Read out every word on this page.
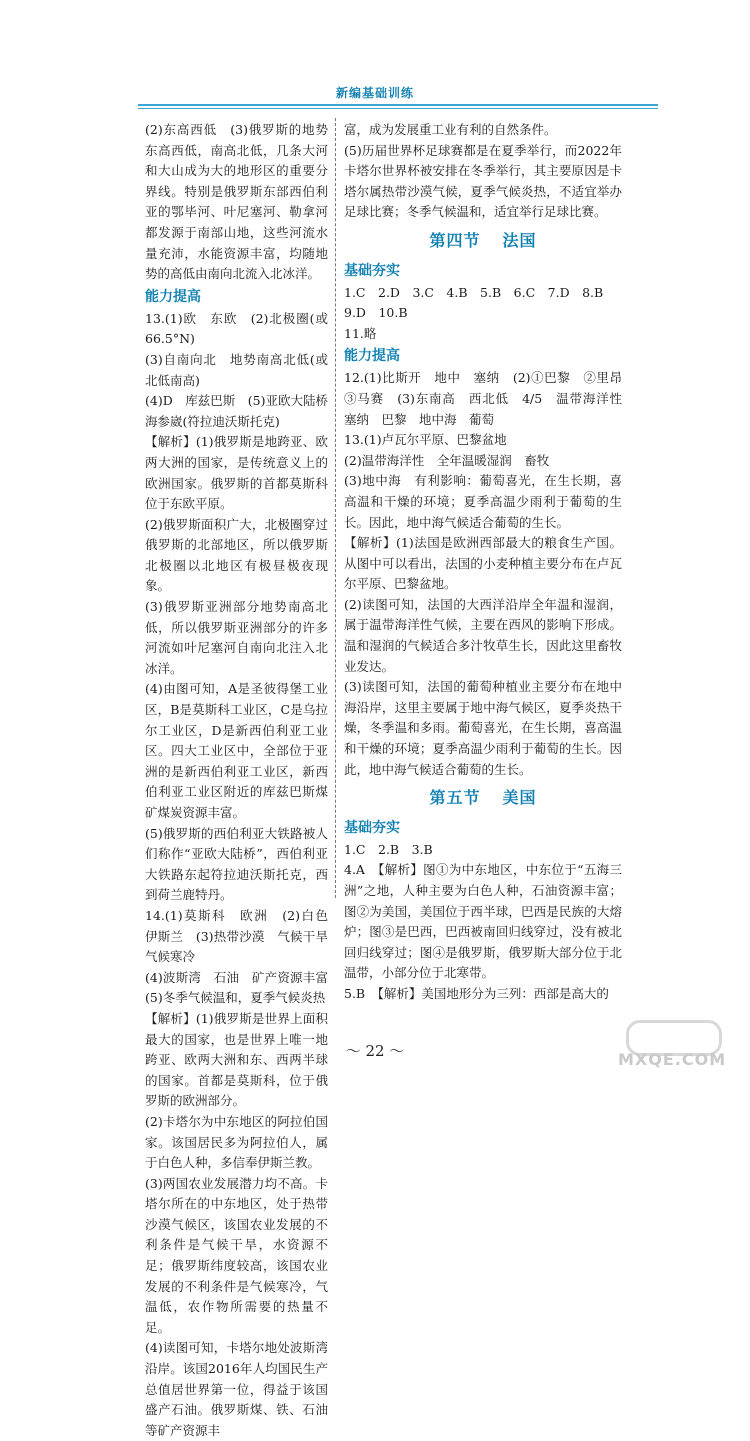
新编基础训练
(2)东高西低　(3)俄罗斯的地势东高西低，南高北低，几条大河和大山成为大的地形区的重要分界线。特别是俄罗斯东部西伯利亚的鄂毕河、叶尼塞河、勒拿河都发源于南部山地，这些河流水量充沛，水能资源丰富，均随地势的高低由南向北流入北冰洋。
能力提高
13.(1)欧　东欧　(2)北极圈(或66.5°N)
(3)自南向北　地势南高北低(或北低南高)
(4)D　库兹巴斯　(5)亚欧大陆桥　海参崴(符拉迪沃斯托克)
【解析】(1)俄罗斯是地跨亚、欧两大洲的国家，是传统意义上的欧洲国家。俄罗斯的首都莫斯科位于东欧平原。
(2)俄罗斯面积广大，北极圈穿过俄罗斯的北部地区，所以俄罗斯北极圈以北地区有极昼极夜现象。
(3)俄罗斯亚洲部分地势南高北低，所以俄罗斯亚洲部分的许多河流如叶尼塞河自南向北注入北冰洋。
(4)由图可知，A是圣彼得堡工业区，B是莫斯科工业区，C是乌拉尔工业区，D是新西伯利亚工业区。四大工业区中，全部位于亚洲的是新西伯利亚工业区，新西伯利亚工业区附近的库兹巴斯煤矿煤炭资源丰富。
(5)俄罗斯的西伯利亚大铁路被人们称作“亚欧大陆桥”，西伯利亚大铁路东起符拉迪沃斯托克，西到荷兰鹿特丹。
14.(1)莫斯科　欧洲　(2)白色　伊斯兰　(3)热带沙漠　气候干旱　气候寒冷
(4)波斯湾　石油　矿产资源丰富　(5)冬季气候温和，夏季气候炎热
【解析】(1)俄罗斯是世界上面积最大的国家，也是世界上唯一地跨亚、欧两大洲和东、西两半球的国家。首都是莫斯科，位于俄罗斯的欧洲部分。
(2)卡塔尔为中东地区的阿拉伯国家。该国居民多为阿拉伯人，属于白色人种，多信奉伊斯兰教。
(3)两国农业发展潜力均不高。卡塔尔所在的中东地区，处于热带沙漠气候区，该国农业发展的不利条件是气候干旱，水资源不足；俄罗斯纬度较高，该国农业发展的不利条件是气候寒冷，气温低，农作物所需要的热量不足。
(4)读图可知，卡塔尔地处波斯湾沿岸。该国2016年人均国民生产总值居世界第一位，得益于该国盛产石油。俄罗斯煤、铁、石油等矿产资源丰
富，成为发展重工业有利的自然条件。
(5)历届世界杯足球赛都是在夏季举行，而2022年卡塔尔世界杯被安排在冬季举行，其主要原因是卡塔尔属热带沙漠气候，夏季气候炎热，不适宜举办足球比赛；冬季气候温和，适宜举行足球比赛。
第四节 法国
基础夯实
1.C　2.D　3.C　4.B　5.B　6.C　7.D　8.B
9.D　10.B
11.略
能力提高
12.(1)比斯开　地中　塞纳　(2)①巴黎　②里昂　③马赛　(3)东南高　西北低　4/5　温带海洋性　塞纳　巴黎　地中海　葡萄
13.(1)卢瓦尔平原、巴黎盆地
(2)温带海洋性　全年温暖湿润　畜牧
(3)地中海　有利影响：葡萄喜光，在生长期，喜高温和干燥的环境；夏季高温少雨利于葡萄的生长。因此，地中海气候适合葡萄的生长。
【解析】(1)法国是欧洲西部最大的粮食生产国。从图中可以看出，法国的小麦种植主要分布在卢瓦尔平原、巴黎盆地。
(2)读图可知，法国的大西洋沿岸全年温和湿润，属于温带海洋性气候，主要在西风的影响下形成。温和湿润的气候适合多汁牧草生长，因此这里畜牧业发达。
(3)读图可知，法国的葡萄种植业主要分布在地中海沿岸，这里主要属于地中海气候区，夏季炎热干燥，冬季温和多雨。葡萄喜光，在生长期，喜高温和干燥的环境；夏季高温少雨利于葡萄的生长。因此，地中海气候适合葡萄的生长。
第五节 美国
基础夯实
1.C　2.B　3.B
4.A　【解析】图①为中东地区，中东位于“五海三洲”之地，人种主要为白色人种，石油资源丰富；图②为美国，美国位于西半球，巴西是民族的大熔炉；图③是巴西，巴西被南回归线穿过，没有被北回归线穿过；图④是俄罗斯，俄罗斯大部分位于北温带，小部分位于北寒带。
5.B　【解析】美国地形分为三列：西部是高大的
～ 22 ～	MXQE.COM
